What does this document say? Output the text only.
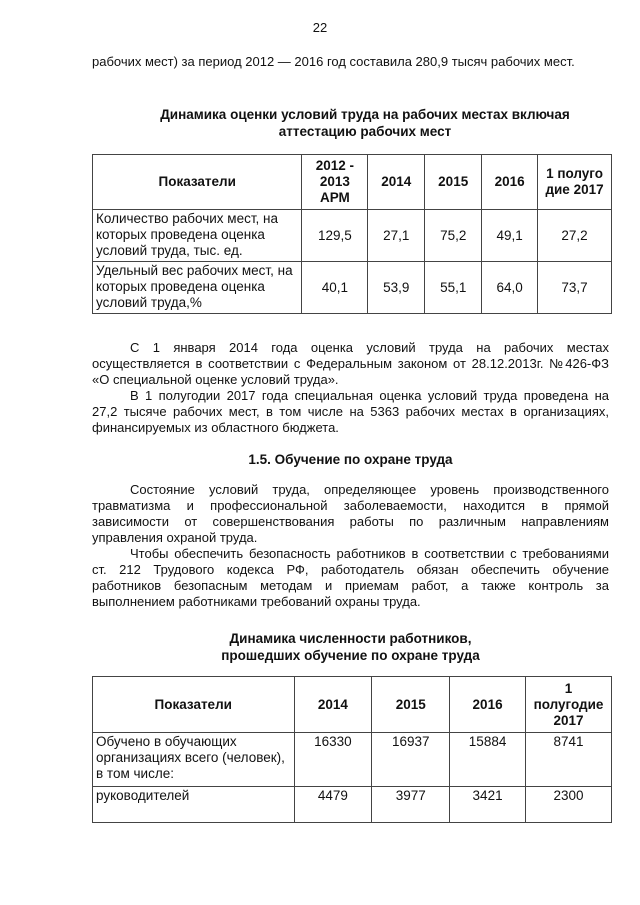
22

рабочих мест) за период 2012 — 2016 год составила 280,9 тысяч рабочих мест.

Динамика оценки условий труда на рабочих местах включая аттестацию рабочих мест

Показатели	2012 - 2013 АРМ	2014	2015	2016	1 полуго дие 2017
Количество рабочих мест, на которых проведена оценка условий труда, тыс. ед.	129,5	27,1	75,2	49,1	27,2
Удельный вес рабочих мест, на которых проведена оценка условий труда,%	40,1	53,9	55,1	64,0	73,7

С 1 января 2014 года оценка условий труда на рабочих местах осуществляется в соответствии с Федеральным законом от 28.12.2013г. №426-ФЗ «О специальной оценке условий труда».

В 1 полугодии 2017 года специальная оценка условий труда проведена на 27,2 тысяче рабочих мест, в том числе на 5363 рабочих местах в организациях, финансируемых из областного бюджета.

1.5. Обучение по охране труда

Состояние условий труда, определяющее уровень производственного травматизма и профессиональной заболеваемости, находится в прямой зависимости от совершенствования работы по различным направлениям управления охраной труда.

Чтобы обеспечить безопасность работников в соответствии с требованиями ст. 212 Трудового кодекса РФ, работодатель обязан обеспечить обучение работников безопасным методам и приемам работ, а также контроль за выполнением работниками требований охраны труда.

Динамика численности работников,

прошедших обучение по охране труда

Показатели	2014	2015	2016	1 полугодие 2017
Обучено в обучающих организациях всего (человек), в том числе:	16330	16937	15884	8741
руководителей	4479	3977	3421	2300
